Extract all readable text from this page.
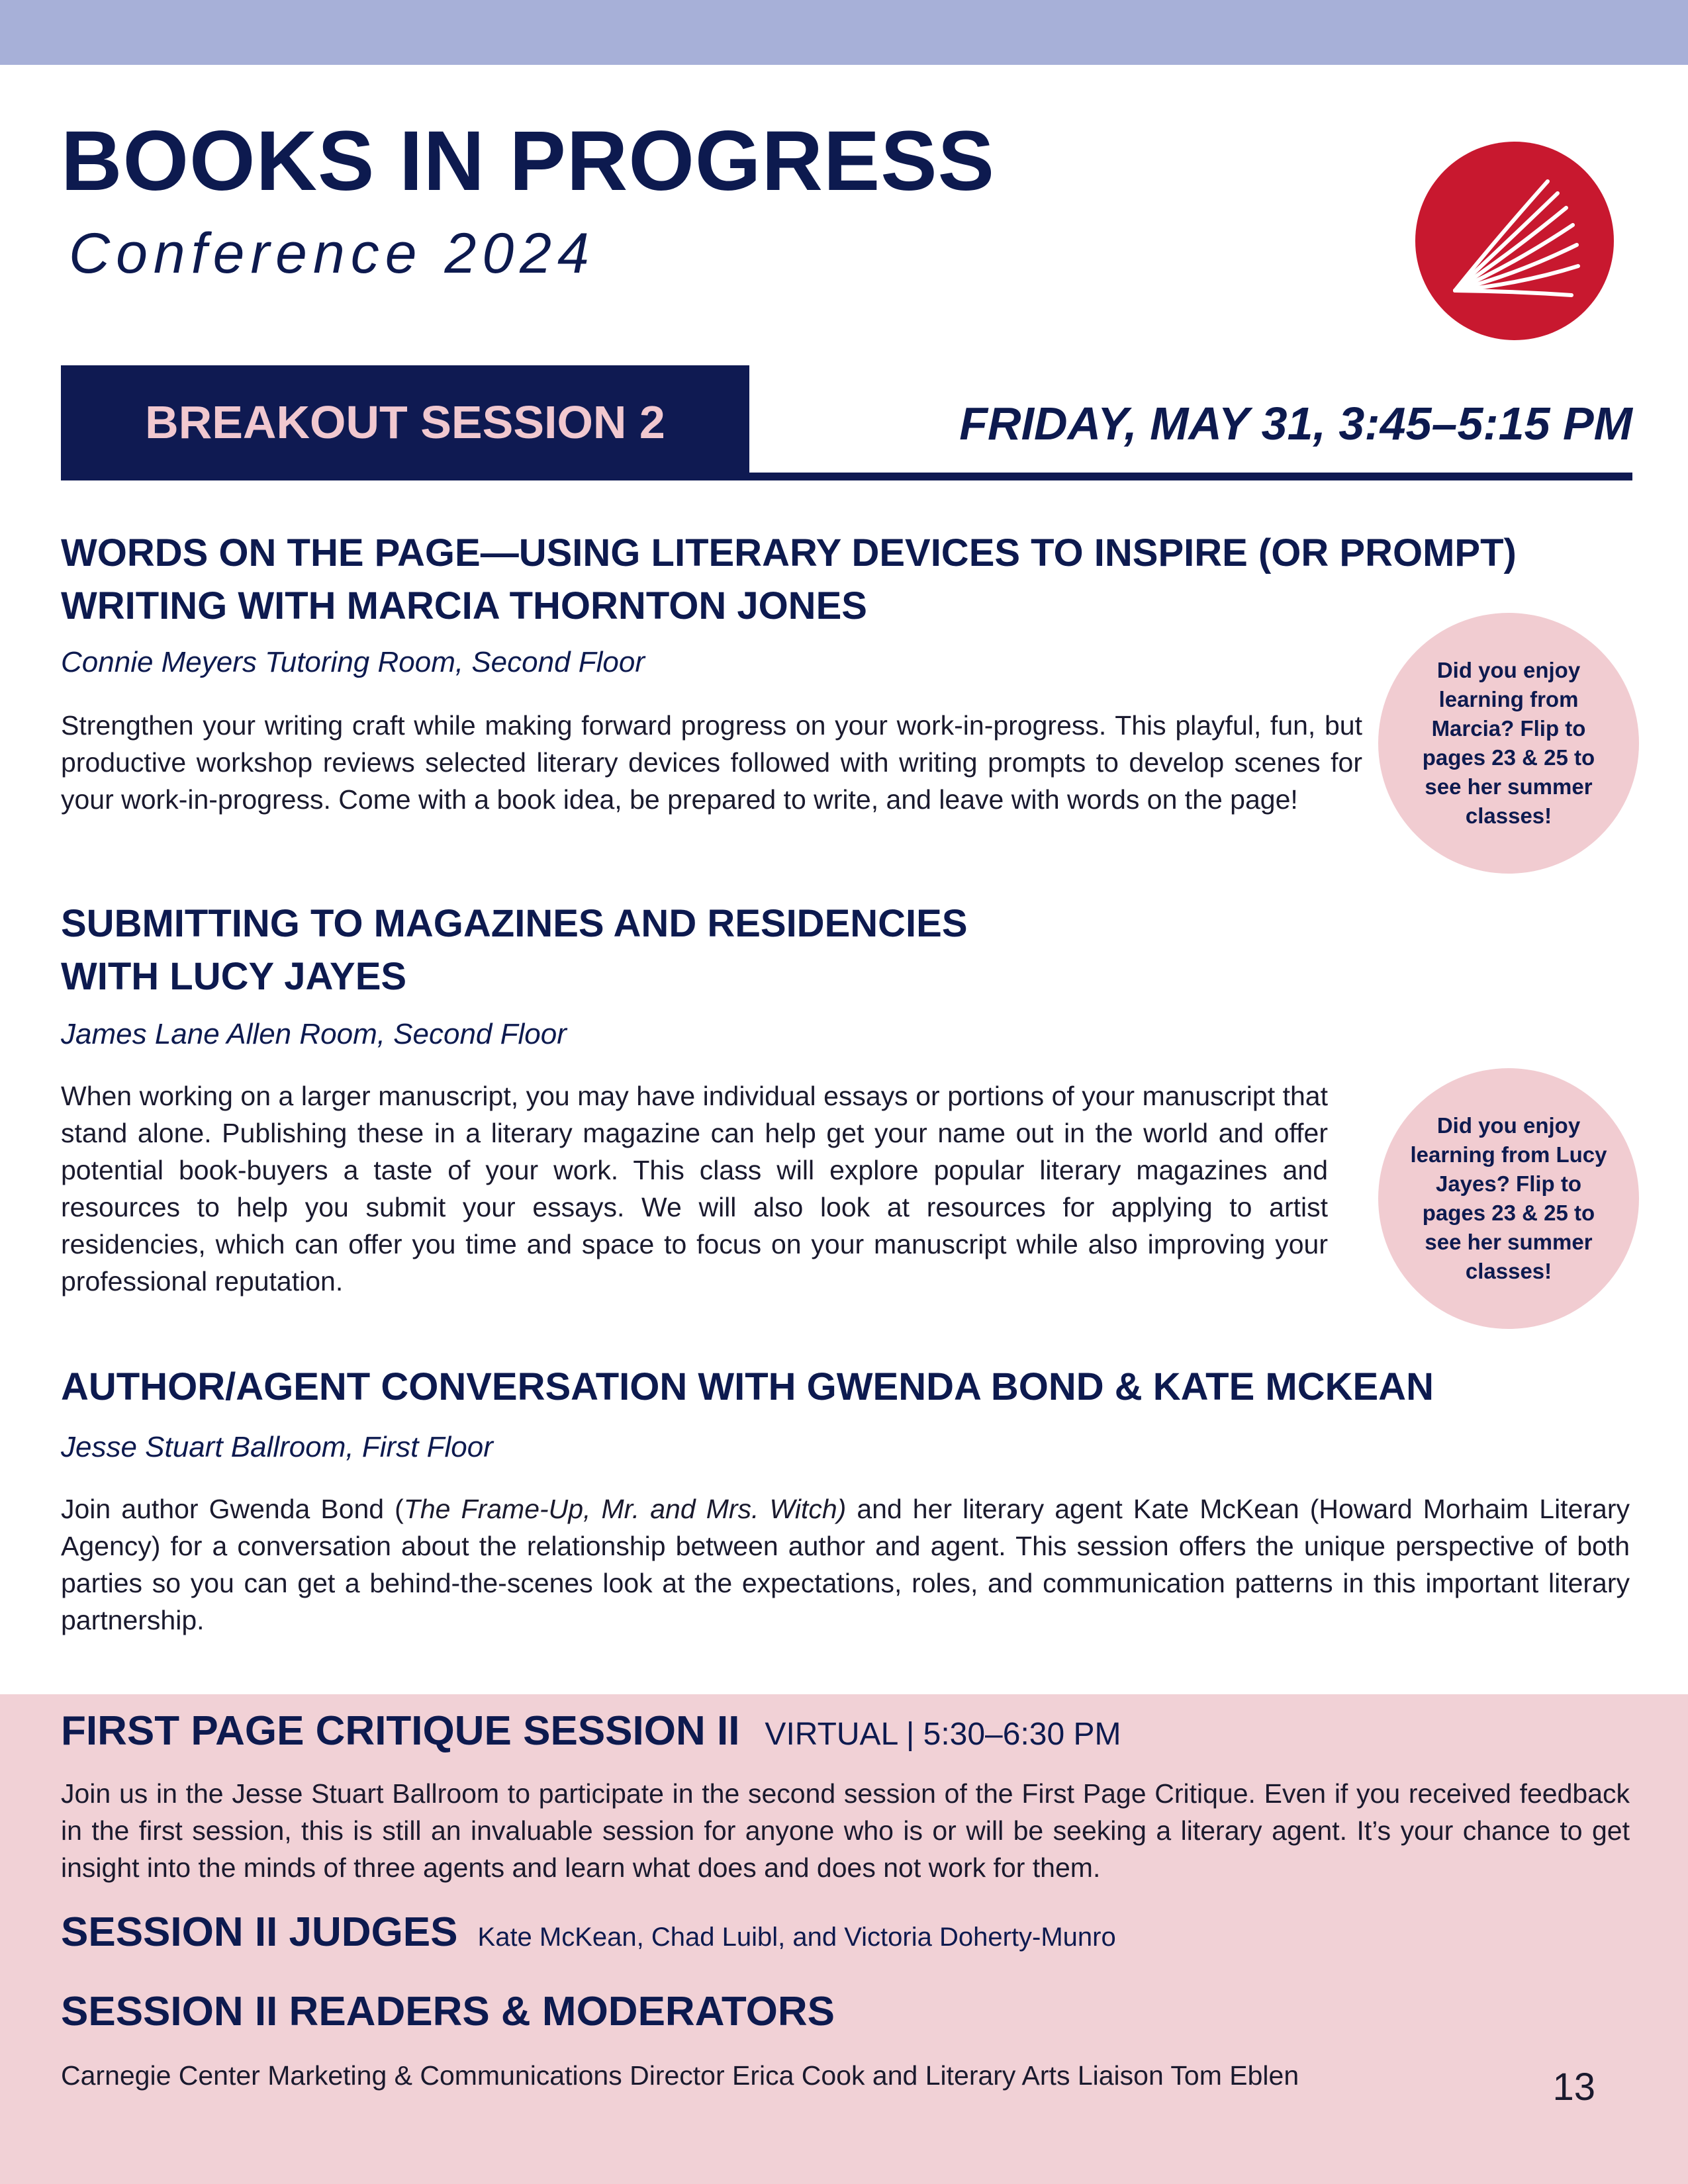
BOOKS IN PROGRESS
Conference 2024
BREAKOUT SESSION 2	FRIDAY, MAY 31, 3:45–5:15 PM
WORDS ON THE PAGE—USING LITERARY DEVICES TO INSPIRE (OR PROMPT)
WRITING WITH MARCIA THORNTON JONES
Connie Meyers Tutoring Room, Second Floor

Strengthen your writing craft while making forward progress on your work-in-progress. This playful, fun, but productive workshop reviews selected literary devices followed with writing prompts to develop scenes for your work-in-progress. Come with a book idea, be prepared to write, and leave with words on the page!

Did you enjoy learning from Marcia? Flip to pages 23 & 25 to see her summer classes!
SUBMITTING TO MAGAZINES AND RESIDENCIES
WITH LUCY JAYES
James Lane Allen Room, Second Floor

When working on a larger manuscript, you may have individual essays or portions of your manuscript that stand alone. Publishing these in a literary magazine can help get your name out in the world and offer potential book-buyers a taste of your work. This class will explore popular literary magazines and resources to help you submit your essays. We will also look at resources for applying to artist residencies, which can offer you time and space to focus on your manuscript while also improving your professional reputation.

Did you enjoy learning from Lucy Jayes? Flip to pages 23 & 25 to see her summer classes!
AUTHOR/AGENT CONVERSATION WITH GWENDA BOND & KATE MCKEAN
Jesse Stuart Ballroom, First Floor

Join author Gwenda Bond (The Frame-Up, Mr. and Mrs. Witch) and her literary agent Kate McKean (Howard Morhaim Literary Agency) for a conversation about the relationship between author and agent. This session offers the unique perspective of both parties so you can get a behind-the-scenes look at the expectations, roles, and communication patterns in this important literary partnership.

FIRST PAGE CRITIQUE SESSION II VIRTUAL | 5:30–6:30 PM

Join us in the Jesse Stuart Ballroom to participate in the second session of the First Page Critique. Even if you received feedback in the first session, this is still an invaluable session for anyone who is or will be seeking a literary agent. It’s your chance to get insight into the minds of three agents and learn what does and does not work for them.

SESSION II JUDGES Kate McKean, Chad Luibl, and Victoria Doherty-Munro
SESSION II READERS & MODERATORS
Carnegie Center Marketing & Communications Director Erica Cook and Literary Arts Liaison Tom Eblen	13
